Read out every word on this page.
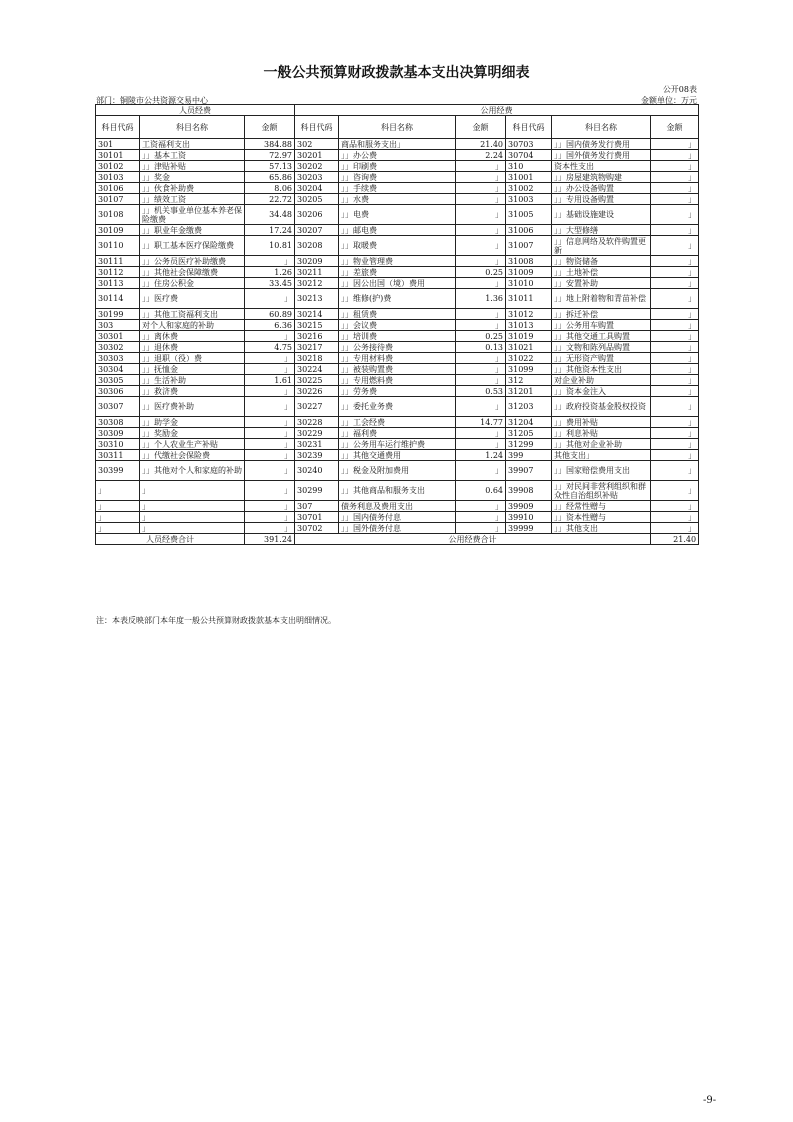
一般公共预算财政拨款基本支出决算明细表
公开08表
部门：铜陵市公共资源交易中心	金额单位：万元
人员经费			公用经费					
科目代码	科目名称	金额	科目代码	科目名称	金额	科目代码	科目名称	金额
301	工资福利支出	384.88	302	商品和服务支出」	21.40	30703	」」国内债务发行费用	」
30101	」」基本工资	72.97	30201	」」办公费	2.24	30704	」」国外债务发行费用	」
30102	」」津贴补贴	57.13	30202	」」印刷费	」	310	资本性支出	」
30103	」」奖金	65.86	30203	」」咨询费	」	31001	」」房屋建筑物购建	」
30106	」」伙食补助费	8.06	30204	」」手续费	」	31002	」」办公设备购置	」
30107	」」绩效工资	22.72	30205	」」水费	」	31003	」」专用设备购置	」
30108	」」机关事业单位基本养老保险缴费	34.48	30206	」」电费	」	31005	」」基础设施建设	」
30109	」」职业年金缴费	17.24	30207	」」邮电费	」	31006	」」大型修缮	」
30110	」」职工基本医疗保险缴费	10.81	30208	」」取暖费	」	31007	」」信息网络及软件购置更新	」
30111	」」公务员医疗补助缴费	」	30209	」」物业管理费	」	31008	」」物资储备	」
30112	」」其他社会保障缴费	1.26	30211	」」差旅费	0.25	31009	」」土地补偿	」
30113	」」住房公积金	33.45	30212	」」因公出国（境）费用	」	31010	」」安置补助	」
30114	」」医疗费	」	30213	」」维修(护)费	1.36	31011	」」地上附着物和青苗补偿	」
30199	」」其他工资福利支出	60.89	30214	」」租赁费	」	31012	」」拆迁补偿	」
303	对个人和家庭的补助	6.36	30215	」」会议费	」	31013	」」公务用车购置	」
30301	」」离休费	」	30216	」」培训费	0.25	31019	」」其他交通工具购置	」
30302	」」退休费	4.75	30217	」」公务接待费	0.13	31021	」」文物和陈列品购置	」
30303	」」退职（役）费	」	30218	」」专用材料费	」	31022	」」无形资产购置	」
30304	」」抚恤金	」	30224	」」被装购置费	」	31099	」」其他资本性支出	」
30305	」」生活补助	1.61	30225	」」专用燃料费	」	312	对企业补助	」
30306	」」救济费	」	30226	」」劳务费	0.53	31201	」」资本金注入	」
30307	」」医疗费补助	」	30227	」」委托业务费	」	31203	」」政府投资基金股权投资	」
30308	」」助学金	」	30228	」」工会经费	14.77	31204	」」费用补贴	」
30309	」」奖励金	」	30229	」」福利费	」	31205	」」利息补贴	」
30310	」」个人农业生产补贴	」	30231	」」公务用车运行维护费	」	31299	」」其他对企业补助	」
30311	」」代缴社会保险费	」	30239	」」其他交通费用	1.24	399	其他支出」	」
30399	」」其他对个人和家庭的补助	」	30240	」」税金及附加费用	」	39907	」」国家赔偿费用支出	」
」	」	」	30299	」」其他商品和服务支出	0.64	39908	」」对民间非营利组织和群众性自治组织补贴	」
」	」	」	307	债务利息及费用支出	」	39909	」」经常性赠与	」
」	」	」	30701	」」国内债务付息	」	39910	」」资本性赠与	」
」	」	」	30702	」」国外债务付息	」	39999	」」其他支出	」
人员经费合计		391.24	公用经费合计					21.40
注：本表反映部门本年度一般公共预算财政拨款基本支出明细情况。
-9-
